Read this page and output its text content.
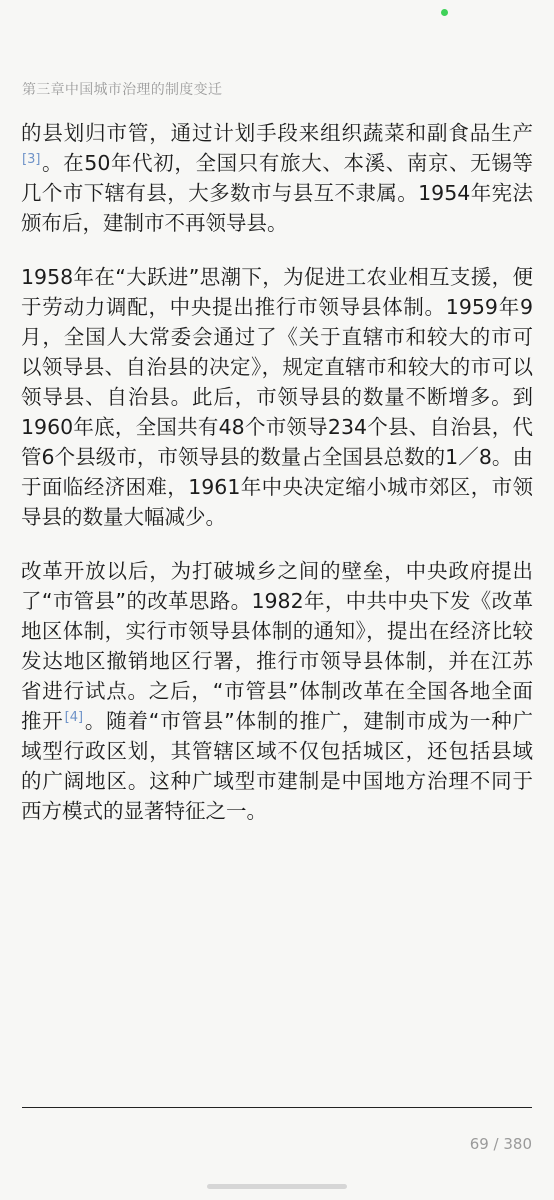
第三章中国城市治理的制度变迁

的县划归市管，通过计划手段来组织蔬菜和副食品生产[3]。在50年代初，全国只有旅大、本溪、南京、无锡等几个市下辖有县，大多数市与县互不隶属。1954年宪法颁布后，建制市不再领导县。

1958年在“大跃进”思潮下，为促进工农业相互支援，便于劳动力调配，中央提出推行市领导县体制。1959年9月，全国人大常委会通过了《关于直辖市和较大的市可以领导县、自治县的决定》，规定直辖市和较大的市可以领导县、自治县。此后，市领导县的数量不断增多。到1960年底，全国共有48个市领导234个县、自治县，代管6个县级市，市领导县的数量占全国县总数的1／8。由于面临经济困难，1961年中央决定缩小城市郊区，市领导县的数量大幅减少。

改革开放以后，为打破城乡之间的壁垒，中央政府提出了“市管县”的改革思路。1982年，中共中央下发《改革地区体制，实行市领导县体制的通知》，提出在经济比较发达地区撤销地区行署，推行市领导县体制，并在江苏省进行试点。之后，“市管县”体制改革在全国各地全面推开[4]。随着“市管县”体制的推广，建制市成为一种广域型行政区划，其管辖区域不仅包括城区，还包括县域的广阔地区。这种广域型市建制是中国地方治理不同于西方模式的显著特征之一。

69 / 380
